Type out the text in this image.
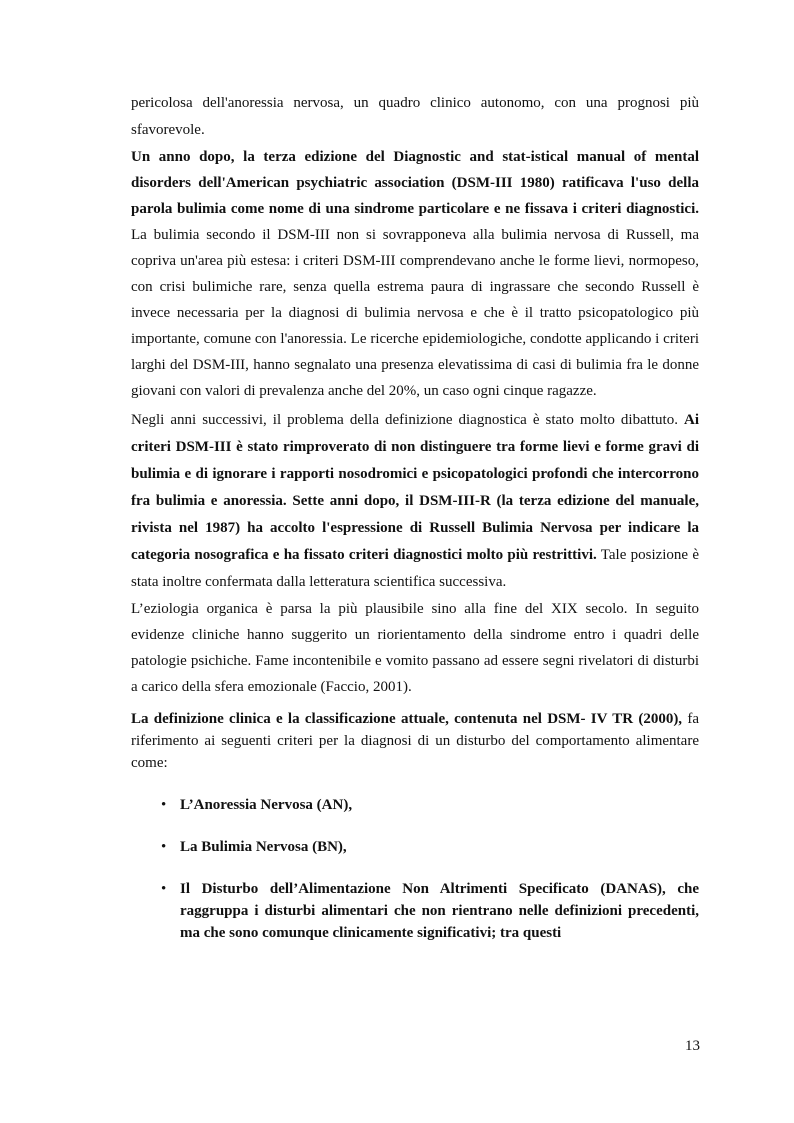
pericolosa dell'anoressia nervosa, un quadro clinico autonomo, con una prognosi più sfavorevole.

Un anno dopo, la terza edizione del Diagnostic and stat-istical manual of mental disorders dell'American psychiatric association (DSM-III 1980) ratificava l'uso della parola bulimia come nome di una sindrome particolare e ne fissava i criteri diagnostici. La bulimia secondo il DSM-III non si sovrapponeva alla bulimia nervosa di Russell, ma copriva un'area più estesa: i criteri DSM-III comprendevano anche le forme lievi, normopeso, con crisi bulimiche rare, senza quella estrema paura di ingrassare che secondo Russell è invece necessaria per la diagnosi di bulimia nervosa e che è il tratto psicopatologico più importante, comune con l'anoressia. Le ricerche epidemiologiche, condotte applicando i criteri larghi del DSM-III, hanno segnalato una presenza elevatissima di casi di bulimia fra le donne giovani con valori di prevalenza anche del 20%, un caso ogni cinque ragazze.

Negli anni successivi, il problema della definizione diagnostica è stato molto dibattuto. Ai criteri DSM-III è stato rimproverato di non distinguere tra forme lievi e forme gravi di bulimia e di ignorare i rapporti nosodromici e psicopatologici profondi che intercorrono fra bulimia e anoressia. Sette anni dopo, il DSM-III-R (la terza edizione del manuale, rivista nel 1987) ha accolto l'espressione di Russell Bulimia Nervosa per indicare la categoria nosografica e ha fissato criteri diagnostici molto più restrittivi. Tale posizione è stata inoltre confermata dalla letteratura scientifica successiva.

L’eziologia organica è parsa la più plausibile sino alla fine del XIX secolo. In seguito evidenze cliniche hanno suggerito un riorientamento della sindrome entro i quadri delle patologie psichiche. Fame incontenibile e vomito passano ad essere segni rivelatori di disturbi a carico della sfera emozionale (Faccio, 2001).

La definizione clinica e la classificazione attuale, contenuta nel DSM- IV TR (2000), fa riferimento ai seguenti criteri per la diagnosi di un disturbo del comportamento alimentare come:

• L’Anoressia Nervosa (AN),
• La Bulimia Nervosa (BN),
• Il Disturbo dell’Alimentazione Non Altrimenti Specificato (DANAS), che raggruppa i disturbi alimentari che non rientrano nelle definizioni precedenti, ma che sono comunque clinicamente significativi; tra questi
13
